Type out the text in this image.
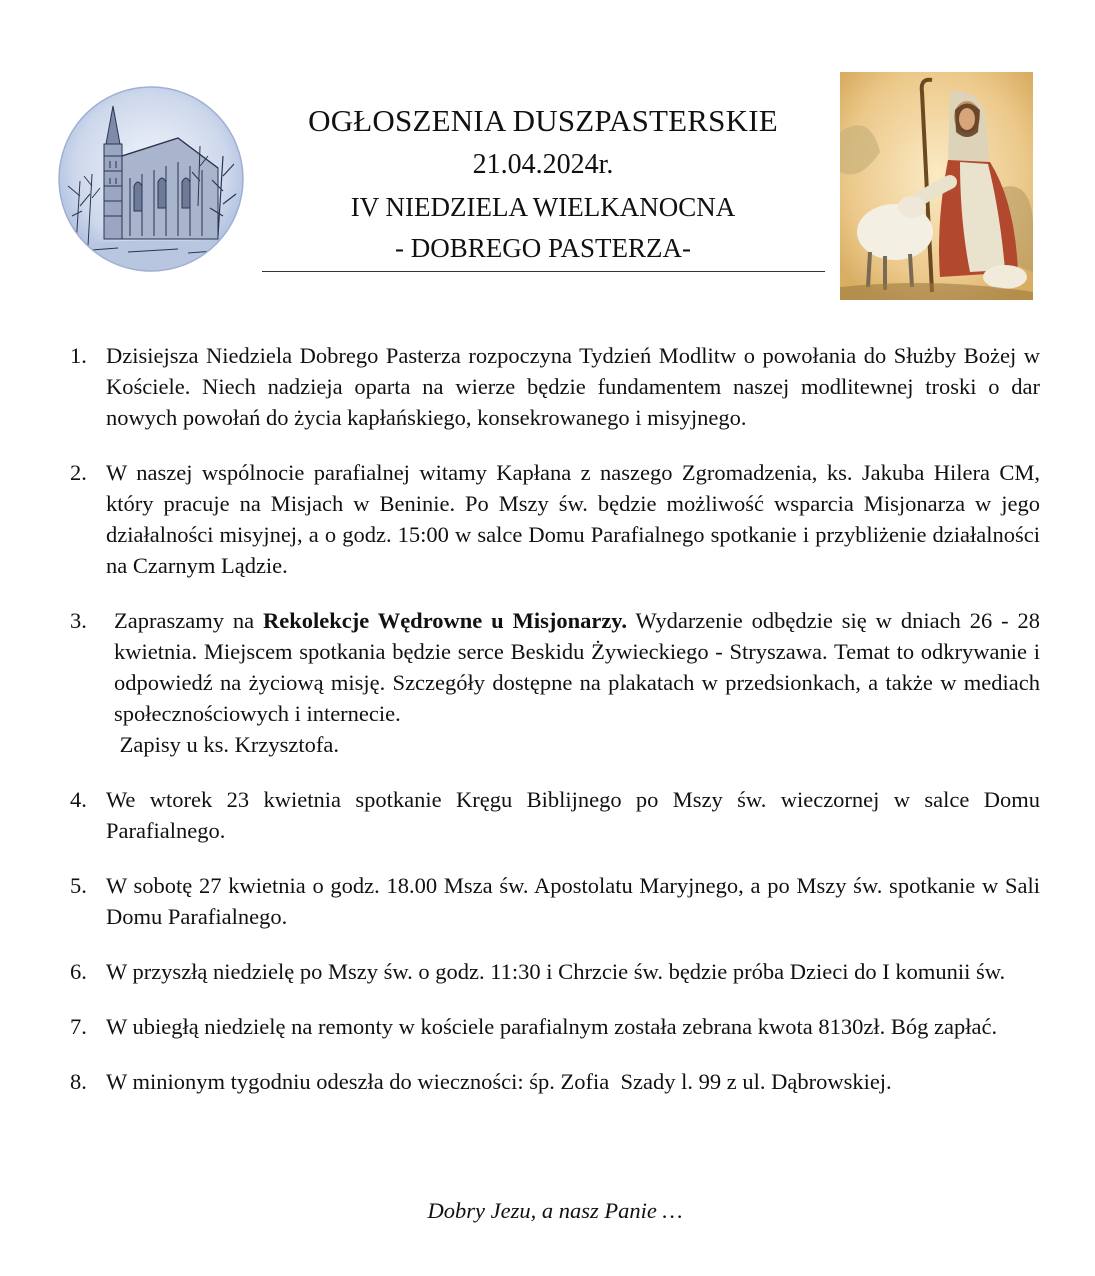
OGŁOSZENIA DUSZPASTERSKIE
21.04.2024r.
IV NIEDZIELA WIELKANOCNA
- DOBREGO PASTERZA-
1. Dzisiejsza Niedziela Dobrego Pasterza rozpoczyna Tydzień Modlitw o powołania do Służby Bożej w Kościele. Niech nadzieja oparta na wierze będzie fundamentem naszej modlitewnej troski o dar nowych powołań do życia kapłańskiego, konsekrowanego i misyjnego.
2. W naszej wspólnocie parafialnej witamy Kapłana z naszego Zgromadzenia, ks. Jakuba Hilera CM, który pracuje na Misjach w Beninie. Po Mszy św. będzie możliwość wsparcia Misjonarza w jego działalności misyjnej, a o godz. 15:00 w salce Domu Parafialnego spotkanie i przybliżenie działalności na Czarnym Lądzie.
3.	Zapraszamy na Rekolekcje Wędrowne u Misjonarzy. Wydarzenie odbędzie się w dniach 26 - 28 kwietnia. Miejscem spotkania będzie serce Beskidu Żywieckiego - Stryszawa. Temat to odkrywanie i odpowiedź na życiową misję. Szczegóły dostępne na plakatach w przedsionkach, a także w mediach społecznościowych i internecie.
Zapisy u ks. Krzysztofa.
4. We wtorek 23 kwietnia spotkanie Kręgu Biblijnego po Mszy św. wieczornej w salce Domu Parafialnego.
5. W sobotę 27 kwietnia o godz. 18.00 Msza św. Apostolatu Maryjnego, a po Mszy św. spotkanie w Sali Domu Parafialnego.
6. W przyszłą niedzielę po Mszy św. o godz. 11:30 i Chrzcie św. będzie próba Dzieci do I komunii św.
7. W ubiegłą niedzielę na remonty w kościele parafialnym została zebrana kwota 8130zł. Bóg zapłać.
8. W minionym tygodniu odeszła do wieczności: śp. Zofia  Szady l. 99 z ul. Dąbrowskiej.
Dobry Jezu, a nasz Panie …
